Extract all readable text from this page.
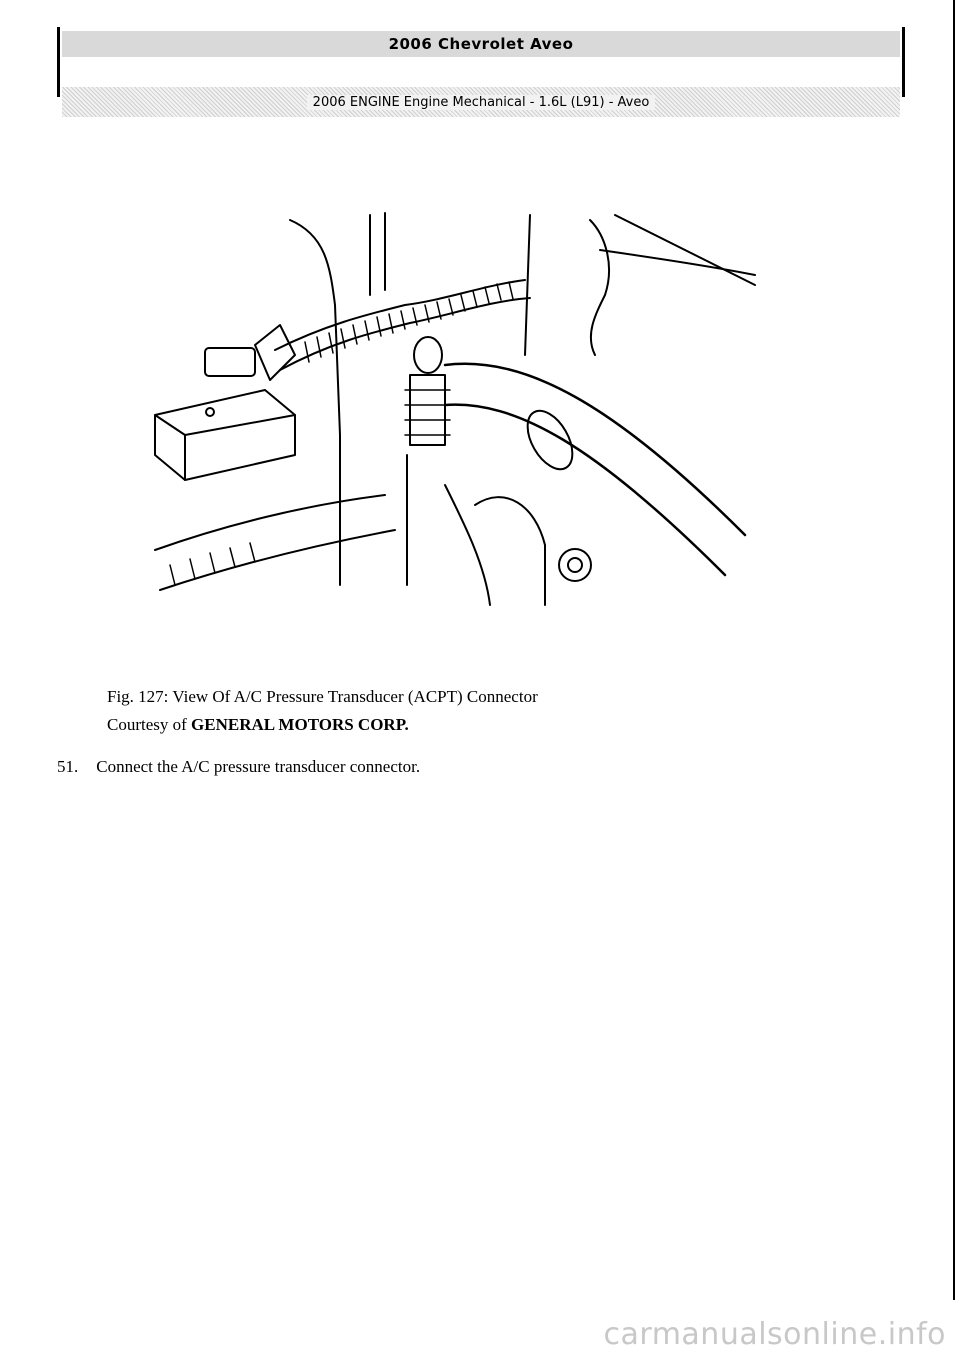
2006 Chevrolet Aveo
2006 ENGINE Engine Mechanical - 1.6L (L91) - Aveo
Fig. 127: View Of A/C Pressure Transducer (ACPT) Connector
Courtesy of GENERAL MOTORS CORP.
51. Connect the A/C pressure transducer connector.
carmanualsonline.info
